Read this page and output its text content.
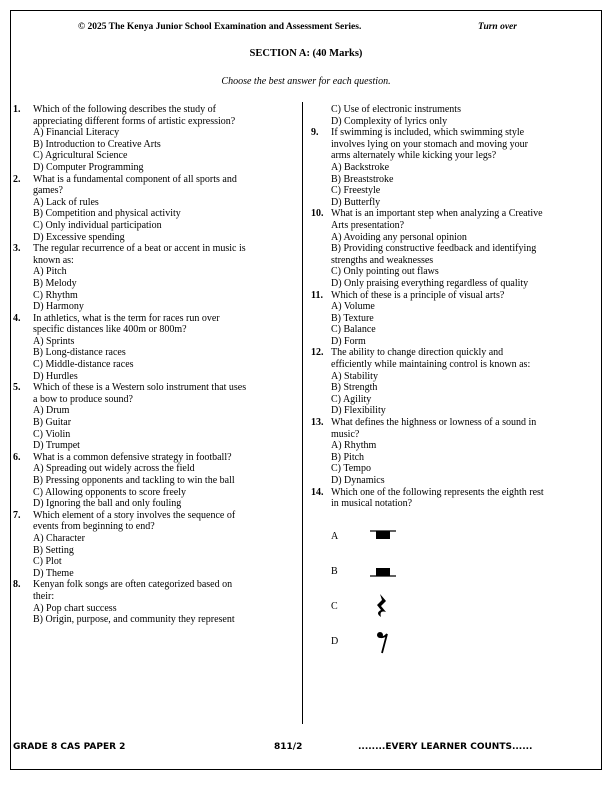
© 2025 The Kenya Junior School Examination and Assessment Series.	Turn over
SECTION A: (40 Marks)
Choose the best answer for each question.
1. Which of the following describes the study of
appreciating different forms of artistic expression?
A) Financial Literacy
B) Introduction to Creative Arts
C) Agricultural Science
D) Computer Programming
2. What is a fundamental component of all sports and
games?
A) Lack of rules
B) Competition and physical activity
C) Only individual participation
D) Excessive spending
3. The regular recurrence of a beat or accent in music is
known as:
A) Pitch
B) Melody
C) Rhythm
D) Harmony
4. In athletics, what is the term for races run over
specific distances like 400m or 800m?
A) Sprints
B) Long-distance races
C) Middle-distance races
D) Hurdles
5. Which of these is a Western solo instrument that uses
a bow to produce sound?
A) Drum
B) Guitar
C) Violin
D) Trumpet
6. What is a common defensive strategy in football?
A) Spreading out widely across the field
B) Pressing opponents and tackling to win the ball
C) Allowing opponents to score freely
D) Ignoring the ball and only fouling
7. Which element of a story involves the sequence of
events from beginning to end?
A) Character
B) Setting
C) Plot
D) Theme
8. Kenyan folk songs are often categorized based on
their:
A) Pop chart success
B) Origin, purpose, and community they represent
C) Use of electronic instruments
D) Complexity of lyrics only
9. If swimming is included, which swimming style
involves lying on your stomach and moving your
arms alternately while kicking your legs?
A) Backstroke
B) Breaststroke
C) Freestyle
D) Butterfly
10. What is an important step when analyzing a Creative
Arts presentation?
A) Avoiding any personal opinion
B) Providing constructive feedback and identifying
strengths and weaknesses
C) Only pointing out flaws
D) Only praising everything regardless of quality
11. Which of these is a principle of visual arts?
A) Volume
B) Texture
C) Balance
D) Form
12. The ability to change direction quickly and
efficiently while maintaining control is known as:
A) Stability
B) Strength
C) Agility
D) Flexibility
13. What defines the highness or lowness of a sound in
music?
A) Rhythm
B) Pitch
C) Tempo
D) Dynamics
14. Which one of the following represents the eighth rest
in musical notation?
A
B
C
D
GRADE 8 CAS PAPER 2	811/2	........EVERY LEARNER COUNTS......
